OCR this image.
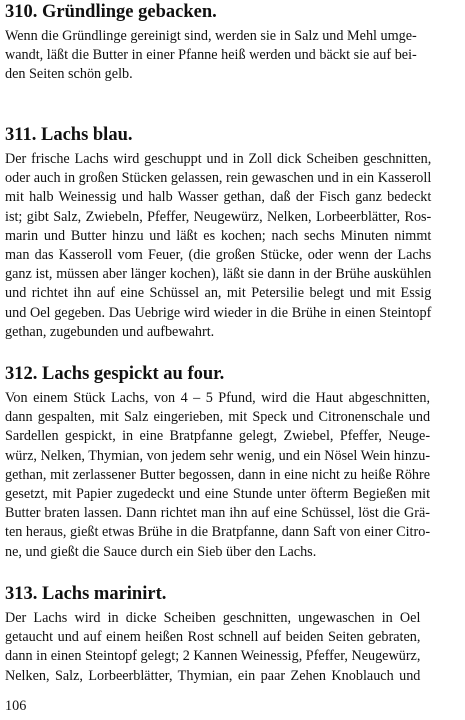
310. Gründlinge gebacken.

Wenn die Gründlinge gereinigt sind, werden sie in Salz und Mehl umge-
wandt, läßt die Butter in einer Pfanne heiß werden und bäckt sie auf bei-
den Seiten schön gelb.

311. Lachs blau.

Der frische Lachs wird geschuppt und in Zoll dick Scheiben geschnitten,
oder auch in großen Stücken gelassen, rein gewaschen und in ein Kasseroll
mit halb Weinessig und halb Wasser gethan, daß der Fisch ganz bedeckt
ist; gibt Salz, Zwiebeln, Pfeffer, Neugewürz, Nelken, Lorbeerblätter, Ros-
marin und Butter hinzu und läßt es kochen; nach sechs Minuten nimmt
man das Kasseroll vom Feuer, (die großen Stücke, oder wenn der Lachs
ganz ist, müssen aber länger kochen), läßt sie dann in der Brühe auskühlen
und richtet ihn auf eine Schüssel an, mit Petersilie belegt und mit Essig
und Oel gegeben. Das Uebrige wird wieder in die Brühe in einen Steintopf
gethan, zugebunden und aufbewahrt.

312. Lachs gespickt au four.

Von einem Stück Lachs, von 4 – 5 Pfund, wird die Haut abgeschnitten,
dann gespalten, mit Salz eingerieben, mit Speck und Citronenschale und
Sardellen gespickt, in eine Bratpfanne gelegt, Zwiebel, Pfeffer, Neuge-
würz, Nelken, Thymian, von jedem sehr wenig, und ein Nösel Wein hinzu-
gethan, mit zerlassener Butter begossen, dann in eine nicht zu heiße Röhre
gesetzt, mit Papier zugedeckt und eine Stunde unter öfterm Begießen mit
Butter braten lassen. Dann richtet man ihn auf eine Schüssel, löst die Grä-
ten heraus, gießt etwas Brühe in die Bratpfanne, dann Saft von einer Citro-
ne, und gießt die Sauce durch ein Sieb über den Lachs.

313. Lachs marinirt.

Der Lachs wird in dicke Scheiben geschnitten, ungewaschen in Oel
getaucht und auf einem heißen Rost schnell auf beiden Seiten gebraten,
dann in einen Steintopf gelegt; 2 Kannen Weinessig, Pfeffer, Neugewürz,
Nelken, Salz, Lorbeerblätter, Thymian, ein paar Zehen Knoblauch und

106
